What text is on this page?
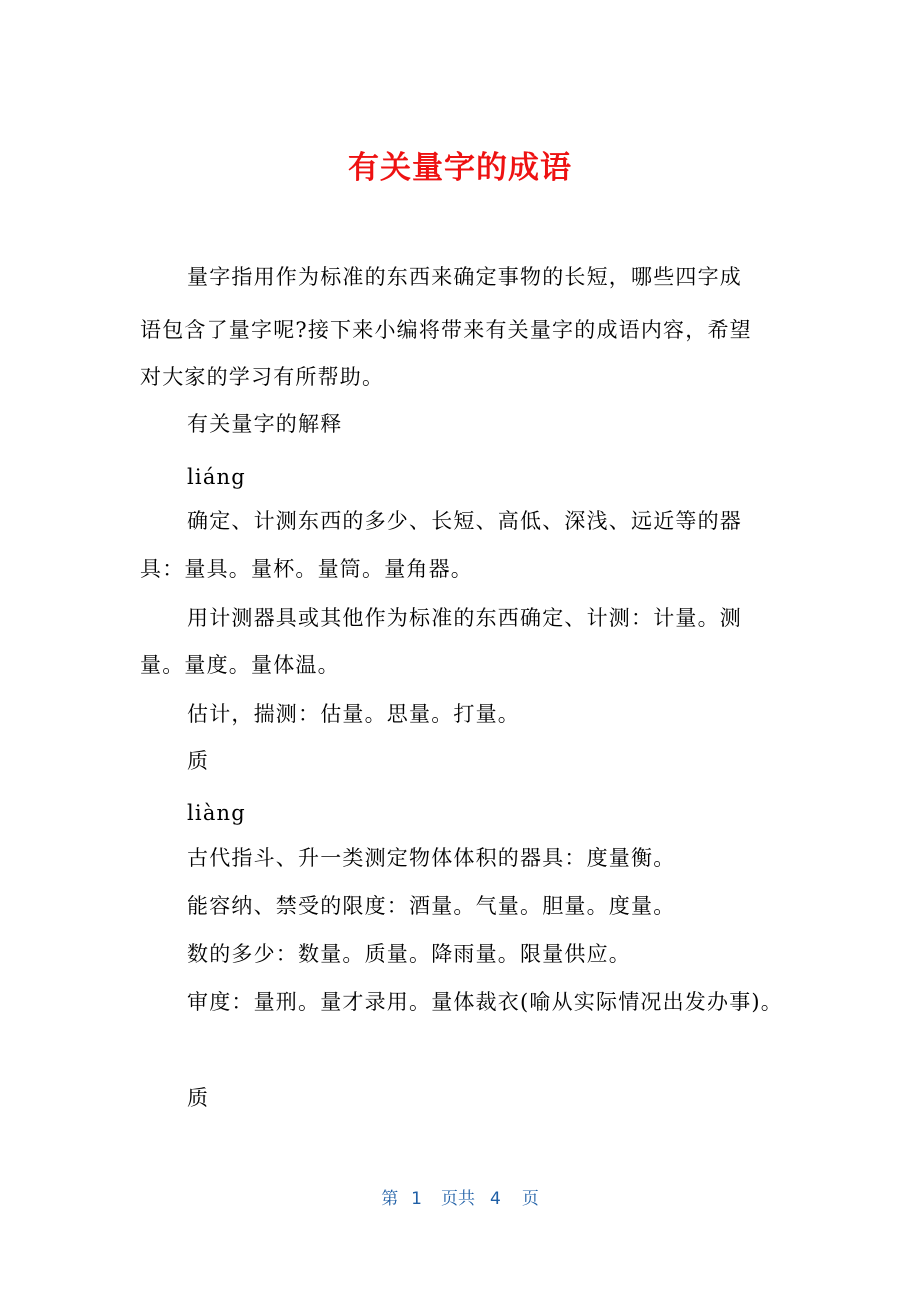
有关量字的成语
量字指用作为标准的东西来确定事物的长短，哪些四字成
语包含了量字呢?接下来小编将带来有关量字的成语内容，希望
对大家的学习有所帮助。
有关量字的解释
liáng
确定、计测东西的多少、长短、高低、深浅、远近等的器
具：量具。量杯。量筒。量角器。
用计测器具或其他作为标准的东西确定、计测：计量。测
量。量度。量体温。
估计，揣测：估量。思量。打量。
质
liàng
古代指斗、升一类测定物体体积的器具：度量衡。
能容纳、禁受的限度：酒量。气量。胆量。度量。
数的多少：数量。质量。降雨量。限量供应。
审度：量刑。量才录用。量体裁衣(喻从实际情况出发办事)。
质
第 1 页共 4 页
